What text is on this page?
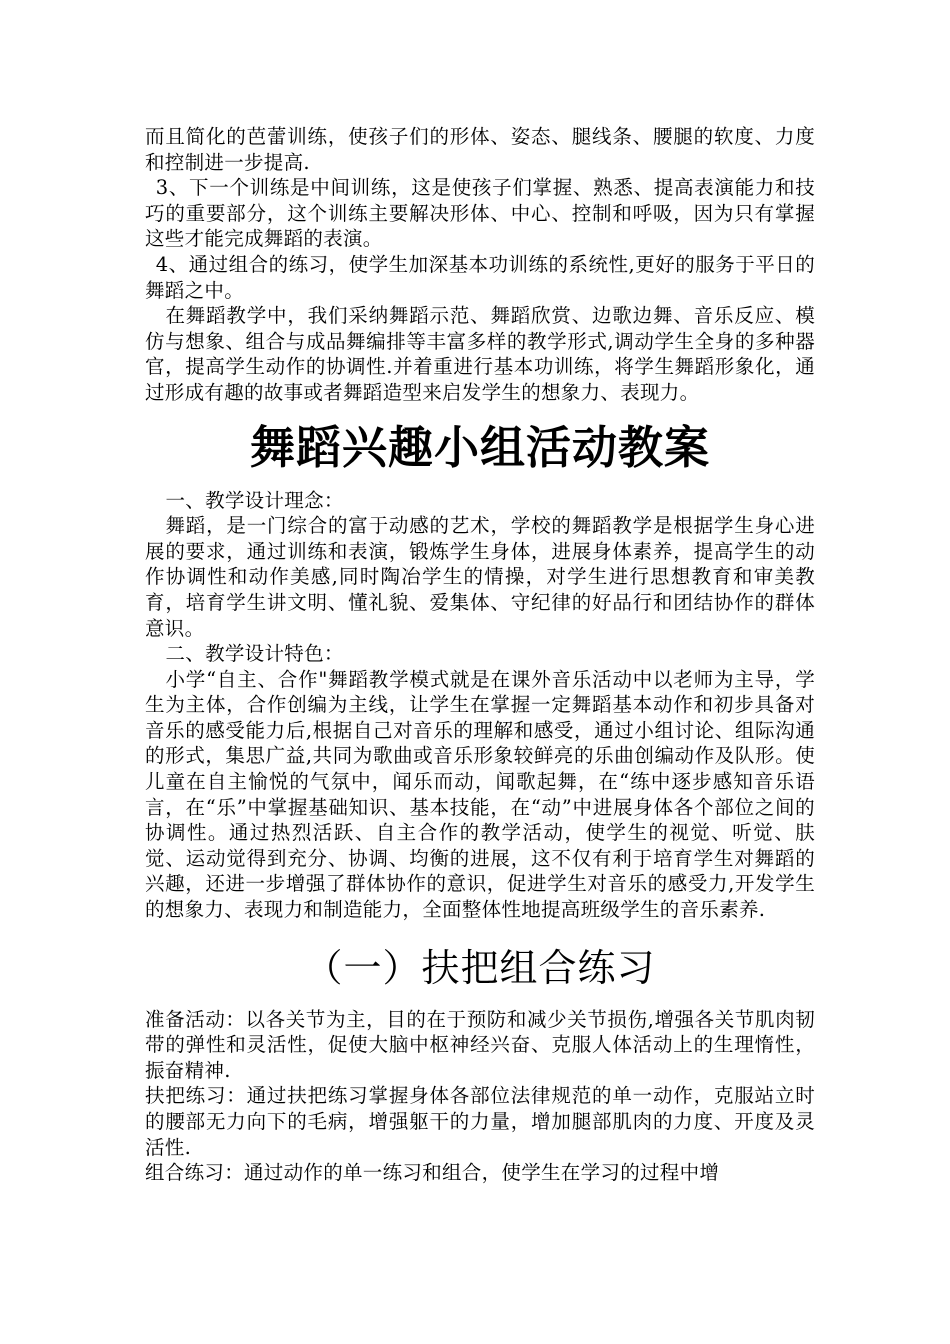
而且简化的芭蕾训练，使孩子们的形体、姿态、腿线条、腰腿的软度、力度和控制进一步提高.

3、下一个训练是中间训练，这是使孩子们掌握、熟悉、提高表演能力和技巧的重要部分，这个训练主要解决形体、中心、控制和呼吸，因为只有掌握这些才能完成舞蹈的表演。

4、通过组合的练习，使学生加深基本功训练的系统性,更好的服务于平日的舞蹈之中。

在舞蹈教学中，我们采纳舞蹈示范、舞蹈欣赏、边歌边舞、音乐反应、模仿与想象、组合与成品舞编排等丰富多样的教学形式,调动学生全身的多种器官，提高学生动作的协调性.并着重进行基本功训练，将学生舞蹈形象化，通过形成有趣的故事或者舞蹈造型来启发学生的想象力、表现力。

舞蹈兴趣小组活动教案

一、教学设计理念：

舞蹈，是一门综合的富于动感的艺术，学校的舞蹈教学是根据学生身心进展的要求，通过训练和表演，锻炼学生身体，进展身体素养，提高学生的动作协调性和动作美感,同时陶冶学生的情操，对学生进行思想教育和审美教育，培育学生讲文明、懂礼貌、爱集体、守纪律的好品行和团结协作的群体意识。

二、教学设计特色：

小学“自主、合作"舞蹈教学模式就是在课外音乐活动中以老师为主导，学生为主体，合作创编为主线，让学生在掌握一定舞蹈基本动作和初步具备对音乐的感受能力后,根据自己对音乐的理解和感受，通过小组讨论、组际沟通的形式，集思广益,共同为歌曲或音乐形象较鲜亮的乐曲创编动作及队形。使儿童在自主愉悦的气氛中，闻乐而动，闻歌起舞，在“练中逐步感知音乐语言，在“乐”中掌握基础知识、基本技能，在“动”中进展身体各个部位之间的协调性。通过热烈活跃、自主合作的教学活动，使学生的视觉、听觉、肤觉、运动觉得到充分、协调、均衡的进展，这不仅有利于培育学生对舞蹈的兴趣，还进一步增强了群体协作的意识，促进学生对音乐的感受力,开发学生的想象力、表现力和制造能力，全面整体性地提高班级学生的音乐素养.

（一）扶把组合练习

准备活动：以各关节为主，目的在于预防和减少关节损伤,增强各关节肌肉韧带的弹性和灵活性，促使大脑中枢神经兴奋、克服人体活动上的生理惰性，振奋精神.

扶把练习：通过扶把练习掌握身体各部位法律规范的单一动作，克服站立时的腰部无力向下的毛病，增强躯干的力量，增加腿部肌肉的力度、开度及灵活性.

组合练习：通过动作的单一练习和组合，使学生在学习的过程中增
